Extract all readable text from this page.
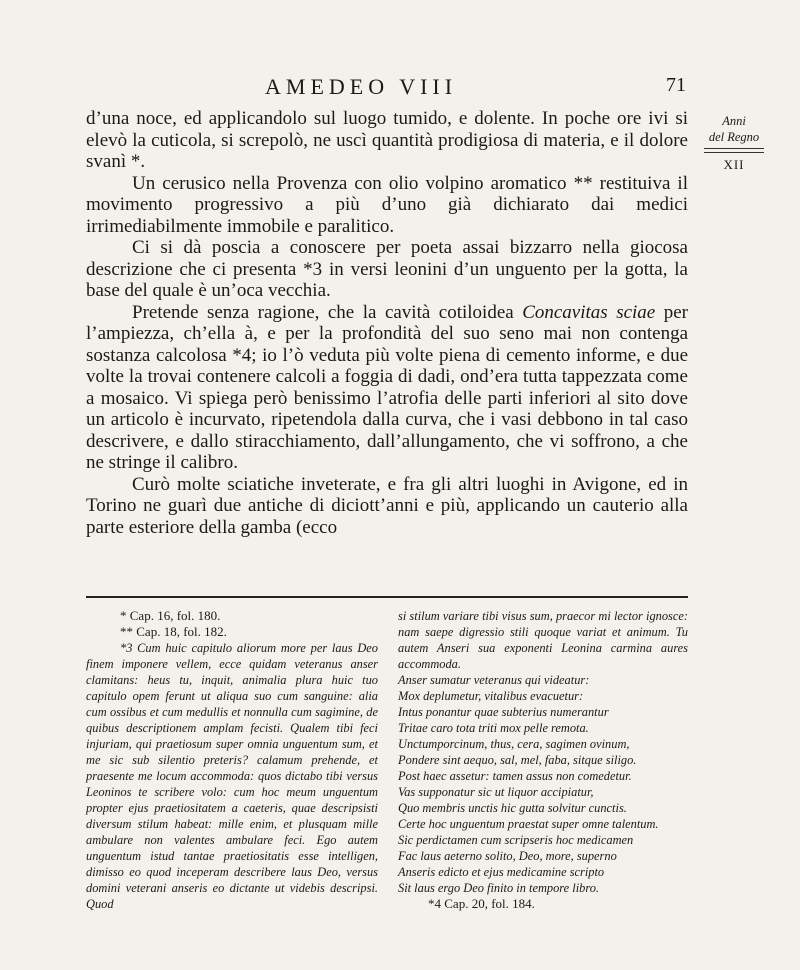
AMEDEO VIII	71
Anni
del Regno
XII

d’una noce, ed applicandolo sul luogo tumido, e dolente. In poche ore ivi si elevò la cuticola, si screpolò, ne uscì quantità prodigiosa di materia, e il dolore svanì *.

Un cerusico nella Provenza con olio volpino aromatico ** restituiva il movimento progressivo a più d’uno già dichiarato dai medici irrimediabilmente immobile e paralitico.

Ci si dà poscia a conoscere per poeta assai bizzarro nella giocosa descrizione che ci presenta *3 in versi leonini d’un unguento per la gotta, la base del quale è un’oca vecchia.

Pretende senza ragione, che la cavità cotiloidea Concavitas sciae per l’ampiezza, ch’ella à, e per la profondità del suo seno mai non contenga sostanza calcolosa *4; io l’ò veduta più volte piena di cemento informe, e due volte la trovai contenere calcoli a foggia di dadi, ond’era tutta tappezzata come a mosaico. Vi spiega però benissimo l’atrofia delle parti inferiori al sito dove un articolo è incurvato, ripetendola dalla curva, che i vasi debbono in tal caso descrivere, e dallo stiracchiamento, dall’allungamento, che vi soffrono, a che ne stringe il calibro.

Curò molte sciatiche inveterate, e fra gli altri luoghi in Avigone, ed in Torino ne guarì due antiche di diciott’anni e più, applicando un cauterio alla parte esteriore della gamba (ecco

* Cap. 16, fol. 180.

** Cap. 18, fol. 182.

*3 Cum huic capitulo aliorum more per laus Deo finem imponere vellem, ecce quidam veteranus anser clamitans: heus tu, inquit, animalia plura huic tuo capitulo opem ferunt ut aliqua suo cum sanguine: alia cum ossibus et cum medullis et nonnulla cum sagimine, de quibus descriptionem amplam fecisti. Qualem tibi feci injuriam, qui praetiosum super omnia unguentum sum, et me sic sub silentio preteris? calamum prehende, et praesente me locum accommoda: quos dictabo tibi versus Leoninos te scribere volo: cum hoc meum unguentum propter ejus praetiositatem a caeteris, quae descripsisti diversum stilum habeat: mille enim, et plusquam mille ambulare non valentes ambulare feci. Ego autem unguentum istud tantae praetiositatis esse intelligen, dimisso eo quod inceperam describere laus Deo, versus domini veterani anseris eo dictante ut videbis descripsi. Quod

si stilum variare tibi visus sum, praecor mi lector ignosce: nam saepe digressio stili quoque variat et animum. Tu autem Anseri sua exponenti Leonina carmina aures accommoda.

Anser sumatur veteranus qui videatur:

Mox deplumetur, vitalibus evacuetur:

Intus ponantur quae subterius numerantur

Tritae caro tota triti mox pelle remota.

Unctumporcinum, thus, cera, sagimen ovinum,

Pondere sint aequo, sal, mel, faba, sitque siligo.

Post haec assetur: tamen assus non comedetur.

Vas supponatur sic ut liquor accipiatur,

Quo membris unctis hic gutta solvitur cunctis.

Certe hoc unguentum praestat super omne talentum.

Sic perdictamen cum scripseris hoc medicamen

Fac laus aeterno solito, Deo, more, superno

Anseris edicto et ejus medicamine scripto

Sit laus ergo Deo finito in tempore libro.

*4 Cap. 20, fol. 184.
